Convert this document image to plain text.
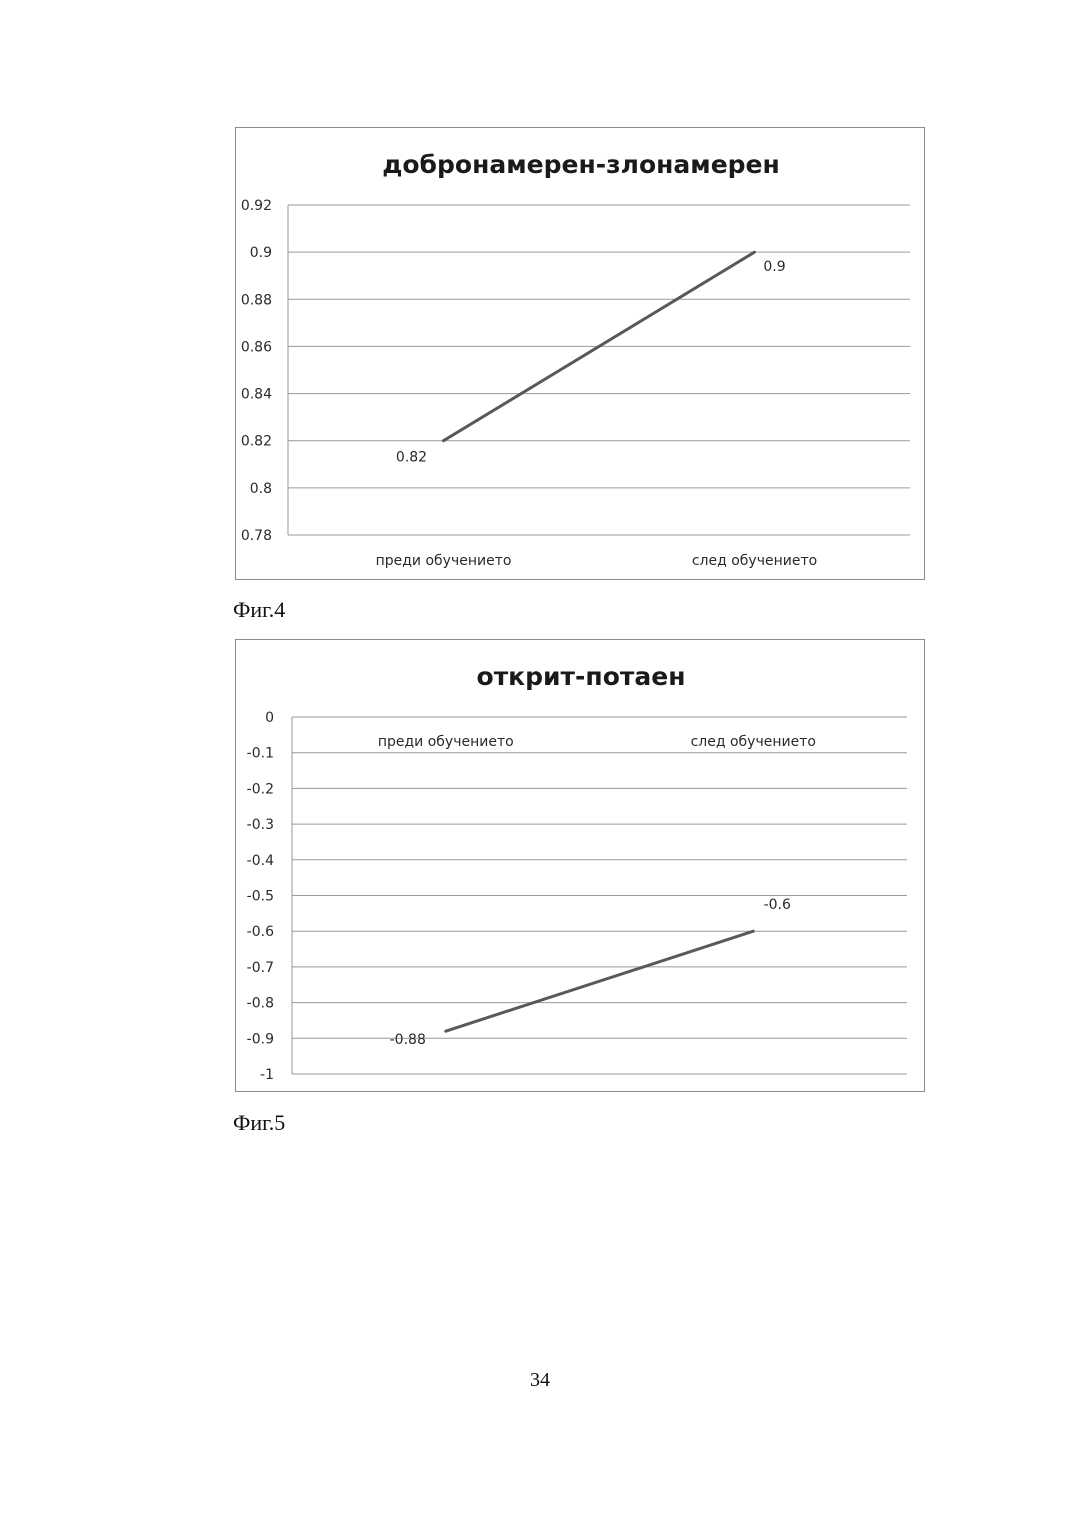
0.92
0.9
0.88
0.86
0.84
0.82
0.8
0.78
преди обучението	след обучението
0.82
0.9
добронамерен-злонамерен
Фиг.4
0
-0.1
-0.2
-0.3
-0.4
-0.5
-0.6
-0.7
-0.8
-0.9
-1
преди обучението	след обучението
-0.88
-0.6
открит-потаен
Фиг.5
34
